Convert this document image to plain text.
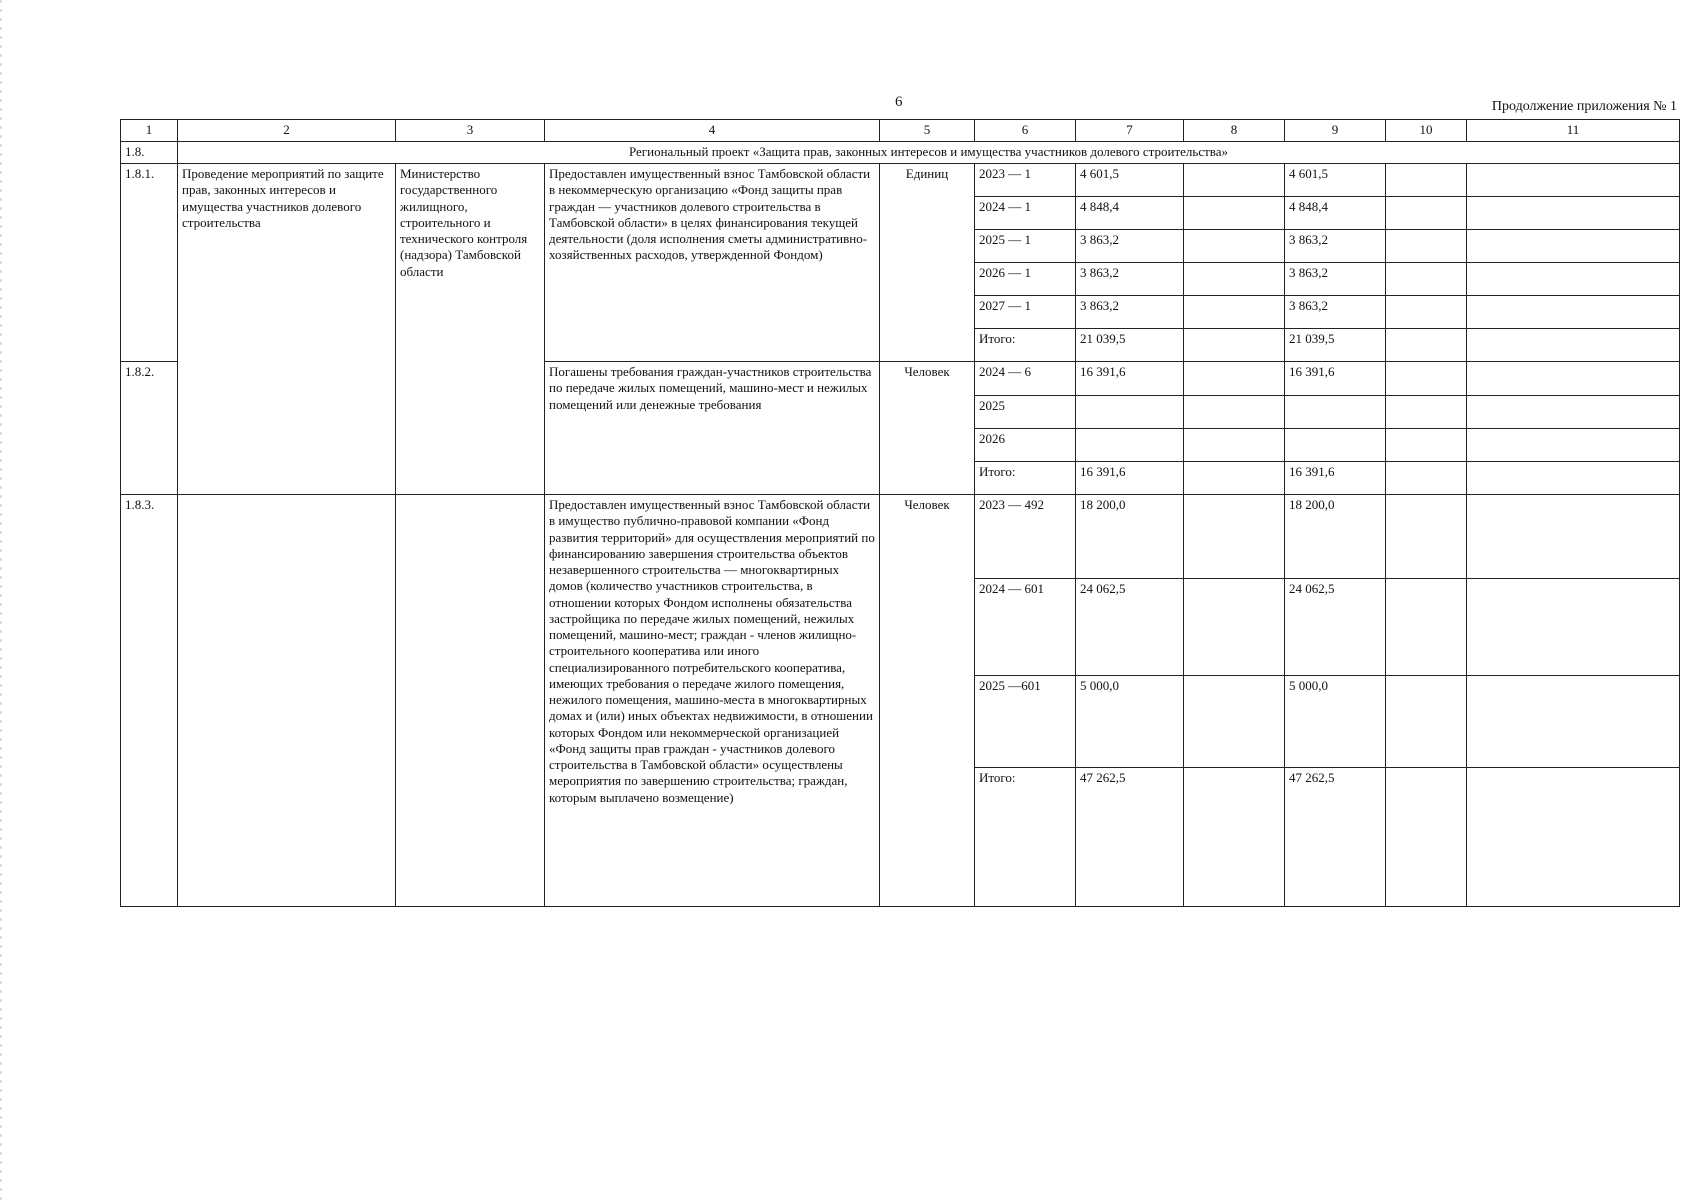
6	Продолжение приложения № 1
1	2	3	4	5	6	7	8	9	10	11
1.8.	Региональный проект «Защита прав, законных интересов и имущества участников долевого строительства»									
1.8.1.	Проведение мероприятий по защите прав, законных интересов и имущества участников долевого строительства	Министерство государственного жилищного, строительного и технического контроля (надзора) Тамбовской области	Предоставлен имущественный взнос Тамбовской области в некоммерческую организацию «Фонд защиты прав граждан — участников долевого строительства в Тамбовской области» в целях финансирования текущей деятельности (доля исполнения сметы административно-хозяйственных расходов, утвержденной Фондом)	Единиц	2023 — 1	4 601,5		4 601,5		
					2024 — 1	4 848,4		4 848,4		
					2025 — 1	3 863,2		3 863,2		
					2026 — 1	3 863,2		3 863,2		
					2027 — 1	3 863,2		3 863,2		
					Итого:	21 039,5		21 039,5		
1.8.2.			Погашены требования граждан-участников строительства по передаче жилых помещений, машино-мест и нежилых помещений или денежные требования	Человек	2024 — 6	16 391,6		16 391,6		
					2025					
					2026					
					Итого:	16 391,6		16 391,6		
1.8.3.			Предоставлен имущественный взнос Тамбовской области в имущество публично-правовой компании «Фонд развития территорий» для осуществления мероприятий по финансированию завершения строительства объектов незавершенного строительства — многоквартирных домов (количество участников строительства, в отношении которых Фондом исполнены обязательства застройщика по передаче жилых помещений, нежилых помещений, машино-мест; граждан - членов жилищно-строительного кооператива или иного специализированного потребительского кооператива, имеющих требования о передаче жилого помещения, нежилого помещения, машино-места в многоквартирных домах и (или) иных объектах недвижимости, в отношении которых Фондом или некоммерческой организацией «Фонд защиты прав граждан - участников долевого строительства в Тамбовской области» осуществлены мероприятия по завершению строительства; граждан, которым выплачено возмещение)	Человек	2023 — 492	18 200,0		18 200,0		
					2024 — 601	24 062,5		24 062,5		
					2025 —601	5 000,0		5 000,0		
					Итого:	47 262,5		47 262,5		
